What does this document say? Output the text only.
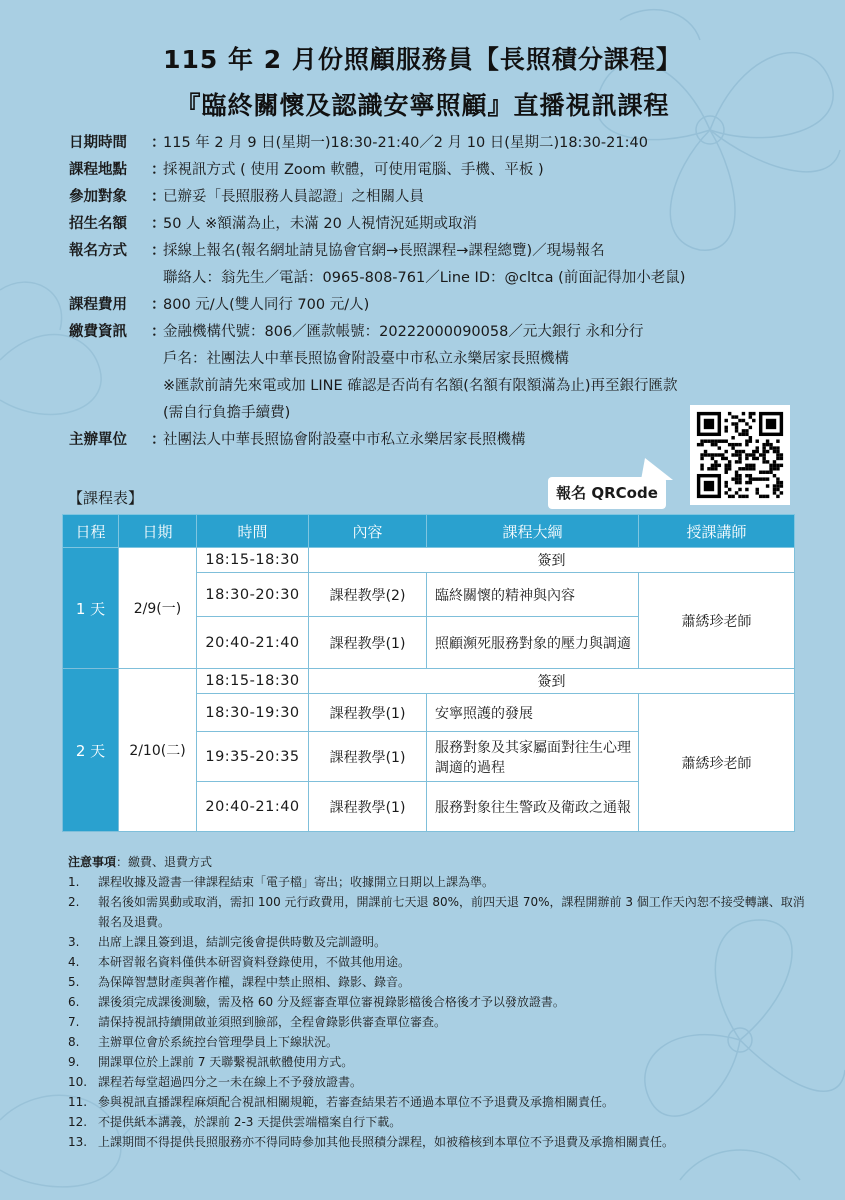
115 年 2 月份照顧服務員【長照積分課程】
『臨終關懷及認識安寧照顧』直播視訊課程
日期時間	：
115 年 2 月 9 日(星期一)18:30-21:40／2 月 10 日(星期二)18:30-21:40
課程地點	：
採視訊方式 ( 使用 Zoom 軟體，可使用電腦、手機、平板 )
參加對象	：
已辦妥「長照服務人員認證」之相關人員
招生名額	：
50 人 ※額滿為止，未滿 20 人視情況延期或取消
報名方式	：
採線上報名(報名網址請見協會官網→長照課程→課程總覽)／現場報名
聯絡人：翁先生／電話：0965-808-761／Line ID：@cltca (前面記得加小老鼠)
課程費用	：
800 元/人(雙人同行 700 元/人)
繳費資訊	：
金融機構代號：806／匯款帳號：20222000090058／元大銀行 永和分行
戶名：社團法人中華長照協會附設臺中市私立永樂居家長照機構
※匯款前請先來電或加 LINE 確認是否尚有名額(名額有限額滿為止)再至銀行匯款
(需自行負擔手續費)
主辦單位	：
社團法人中華長照協會附設臺中市私立永樂居家長照機構
報名 QRCode
【課程表】
日程	日期	時間	內容	課程大綱	授課講師
1 天	2/9(一)	18:15-18:30	簽到		
		18:30-20:30	課程教學(2)	臨終關懷的精神與內容	蕭綉珍老師
		20:40-21:40	課程教學(1)	照顧瀕死服務對象的壓力與調適	
2 天	2/10(二)	18:15-18:30	簽到		
		18:30-19:30	課程教學(1)	安寧照護的發展	蕭綉珍老師
		19:35-20:35	課程教學(1)	服務對象及其家屬面對往生心理調適的過程	
		20:40-21:40	課程教學(1)	服務對象往生警政及衛政之通報	
注意事項：繳費、退費方式
1.	課程收據及證書一律課程結束「電子檔」寄出；收據開立日期以上課為準。
2.	報名後如需異動或取消，需扣 100 元行政費用，開課前七天退 80%，前四天退 70%，課程開辦前 3 個工作天內恕不接受轉讓、取消報名及退費。
3.	出席上課且簽到退，結訓完後會提供時數及完訓證明。
4.	本研習報名資料僅供本研習資料登錄使用，不做其他用途。
5.	為保障智慧財產與著作權，課程中禁止照相、錄影、錄音。
6.	課後須完成課後測驗，需及格 60 分及經審查單位審視錄影檔後合格後才予以發放證書。
7.	請保持視訊持續開啟並須照到臉部，全程會錄影供審查單位審查。
8.	主辦單位會於系統控台管理學員上下線狀況。
9.	開課單位於上課前 7 天聯繫視訊軟體使用方式。
10. 課程若每堂超過四分之一未在線上不予發放證書。
11. 參與視訊直播課程麻煩配合視訊相關規範，若審查結果若不通過本單位不予退費及承擔相關責任。
12. 不提供紙本講義，於課前 2-3 天提供雲端檔案自行下載。
13. 上課期間不得提供長照服務亦不得同時參加其他長照積分課程，如被稽核到本單位不予退費及承擔相關責任。
